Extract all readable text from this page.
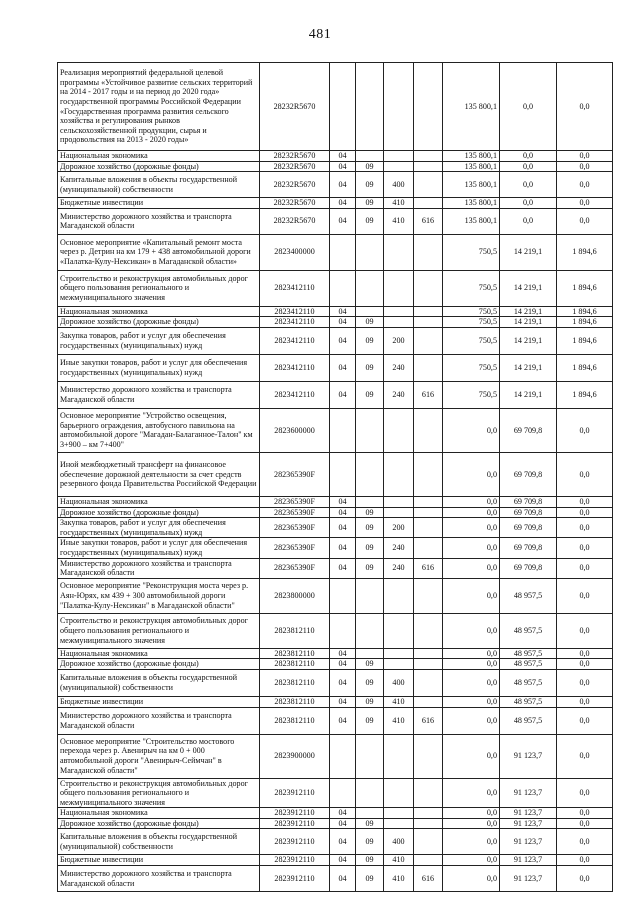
481
Реализация мероприятий федеральной целевой программы «Устойчивое развитие сельских территорий на 2014 - 2017 годы и на период до 2020 года» государственной программы Российской Федерации «Государственная программа развития сельского хозяйства и регулирования рынков сельскохозяйственной продукции, сырья и продовольствия на 2013 - 2020 годы»	28232R5670					135 800,1	0,0	0,0
Национальная экономика	28232R5670	04				135 800,1	0,0	0,0
Дорожное хозяйство (дорожные фонды)	28232R5670	04	09			135 800,1	0,0	0,0
Капитальные вложения в объекты государственной (муниципальной) собственности	28232R5670	04	09	400		135 800,1	0,0	0,0
Бюджетные инвестиции	28232R5670	04	09	410		135 800,1	0,0	0,0
Министерство дорожного хозяйства и транспорта Магаданской области	28232R5670	04	09	410	616	135 800,1	0,0	0,0
Основное мероприятие «Капитальный ремонт моста через р. Детрин на км 179 + 438 автомобильной дороги «Палатка-Кулу-Нексикан» в Магаданской области»	2823400000					750,5	14 219,1	1 894,6
Строительство и реконструкция автомобильных дорог общего пользования регионального и межмуниципального значения	2823412110					750,5	14 219,1	1 894,6
Национальная экономика	2823412110	04				750,5	14 219,1	1 894,6
Дорожное хозяйство (дорожные фонды)	2823412110	04	09			750,5	14 219,1	1 894,6
Закупка товаров, работ и услуг для обеспечения государственных (муниципальных) нужд	2823412110	04	09	200		750,5	14 219,1	1 894,6
Иные закупки товаров, работ и услуг для обеспечения государственных (муниципальных) нужд	2823412110	04	09	240		750,5	14 219,1	1 894,6
Министерство дорожного хозяйства и транспорта Магаданской области	2823412110	04	09	240	616	750,5	14 219,1	1 894,6
Основное мероприятие "Устройство освещения, барьерного ограждения, автобусного павильона на автомобильной дороге "Магадан-Балаганное-Талон" км 3+900 – км 7+400"	2823600000					0,0	69 709,8	0,0
Иной межбюджетный трансферт на финансовое обеспечение дорожной деятельности за счет средств резервного фонда Правительства Российской Федерации	282365390F					0,0	69 709,8	0,0
Национальная экономика	282365390F	04				0,0	69 709,8	0,0
Дорожное хозяйство (дорожные фонды)	282365390F	04	09			0,0	69 709,8	0,0
Закупка товаров, работ и услуг для обеспечения государственных (муниципальных) нужд	282365390F	04	09	200		0,0	69 709,8	0,0
Иные закупки товаров, работ и услуг для обеспечения государственных (муниципальных) нужд	282365390F	04	09	240		0,0	69 709,8	0,0
Министерство дорожного хозяйства и транспорта Магаданской области	282365390F	04	09	240	616	0,0	69 709,8	0,0
Основное мероприятие "Реконструкция моста через р. Аян-Юрях, км 439 + 300 автомобильной дороги "Палатка-Кулу-Нексикан" в Магаданской области"	2823800000					0,0	48 957,5	0,0
Строительство и реконструкция автомобильных дорог общего пользования регионального и межмуниципального значения	2823812110					0,0	48 957,5	0,0
Национальная экономика	2823812110	04				0,0	48 957,5	0,0
Дорожное хозяйство (дорожные фонды)	2823812110	04	09			0,0	48 957,5	0,0
Капитальные вложения в объекты государственной (муниципальной) собственности	2823812110	04	09	400		0,0	48 957,5	0,0
Бюджетные инвестиции	2823812110	04	09	410		0,0	48 957,5	0,0
Министерство дорожного хозяйства и транспорта Магаданской области	2823812110	04	09	410	616	0,0	48 957,5	0,0
Основное мероприятие "Строительство мостового перехода через р. Авенирыч на км 0 + 000 автомобильной дороги "Авенирыч-Сеймчан" в Магаданской области"	2823900000					0,0	91 123,7	0,0
Строительство и реконструкция автомобильных дорог общего пользования регионального и межмуниципального значения	2823912110					0,0	91 123,7	0,0
Национальная экономика	2823912110	04				0,0	91 123,7	0,0
Дорожное хозяйство (дорожные фонды)	2823912110	04	09			0,0	91 123,7	0,0
Капитальные вложения в объекты государственной (муниципальной) собственности	2823912110	04	09	400		0,0	91 123,7	0,0
Бюджетные инвестиции	2823912110	04	09	410		0,0	91 123,7	0,0
Министерство дорожного хозяйства и транспорта Магаданской области	2823912110	04	09	410	616	0,0	91 123,7	0,0
